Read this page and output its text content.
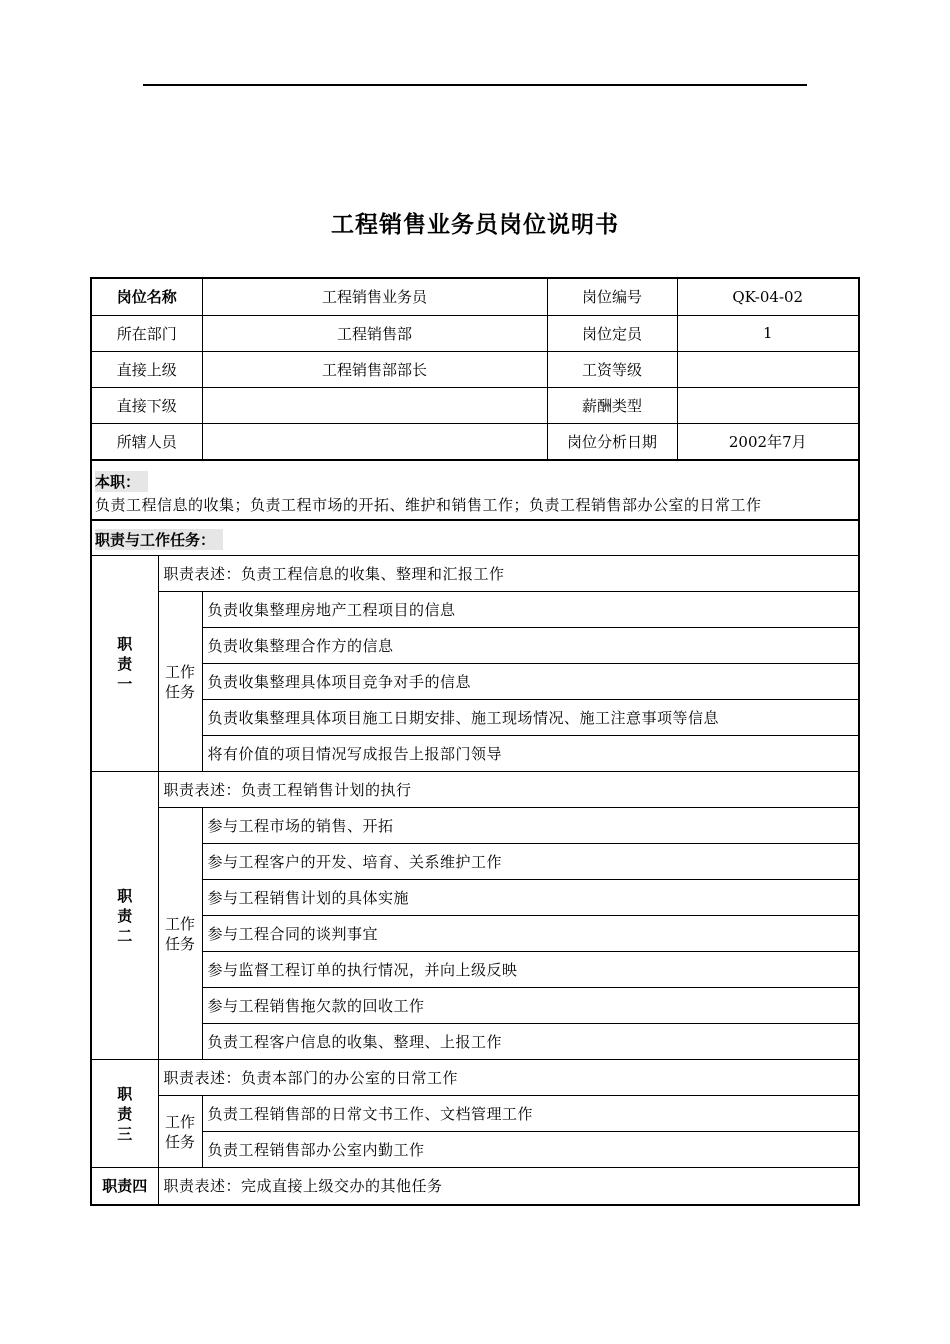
工程销售业务员岗位说明书
岗位名称	工程销售业务员	岗位编号	QK-04-02
所在部门	工程销售部	岗位定员	1
直接上级	工程销售部部长	工资等级	
直接下级		薪酬类型	
所辖人员		岗位分析日期	2002年7月
本职：
负责工程信息的收集；负责工程市场的开拓、维护和销售工作；负责工程销售部办公室的日常工作
职责与工作任务：
职责一	职责表述：负责工程信息的收集、整理和汇报工作	

	工作任务	负责收集整理房地产工程项目的信息
		负责收集整理合作方的信息
		负责收集整理具体项目竞争对手的信息
		负责收集整理具体项目施工日期安排、施工现场情况、施工注意事项等信息
		将有价值的项目情况写成报告上报部门领导

职责二	职责表述：负责工程销售计划的执行	

	工作任务	参与工程市场的销售、开拓
		参与工程客户的开发、培育、关系维护工作
		参与工程销售计划的具体实施
		参与工程合同的谈判事宜
		参与监督工程订单的执行情况，并向上级反映
		参与工程销售拖欠款的回收工作
		负责工程客户信息的收集、整理、上报工作

职责三	职责表述：负责本部门的办公室的日常工作	

	工作任务	负责工程销售部的日常文书工作、文档管理工作
		负责工程销售部办公室内勤工作

职责四	职责表述：完成直接上级交办的其他任务	
